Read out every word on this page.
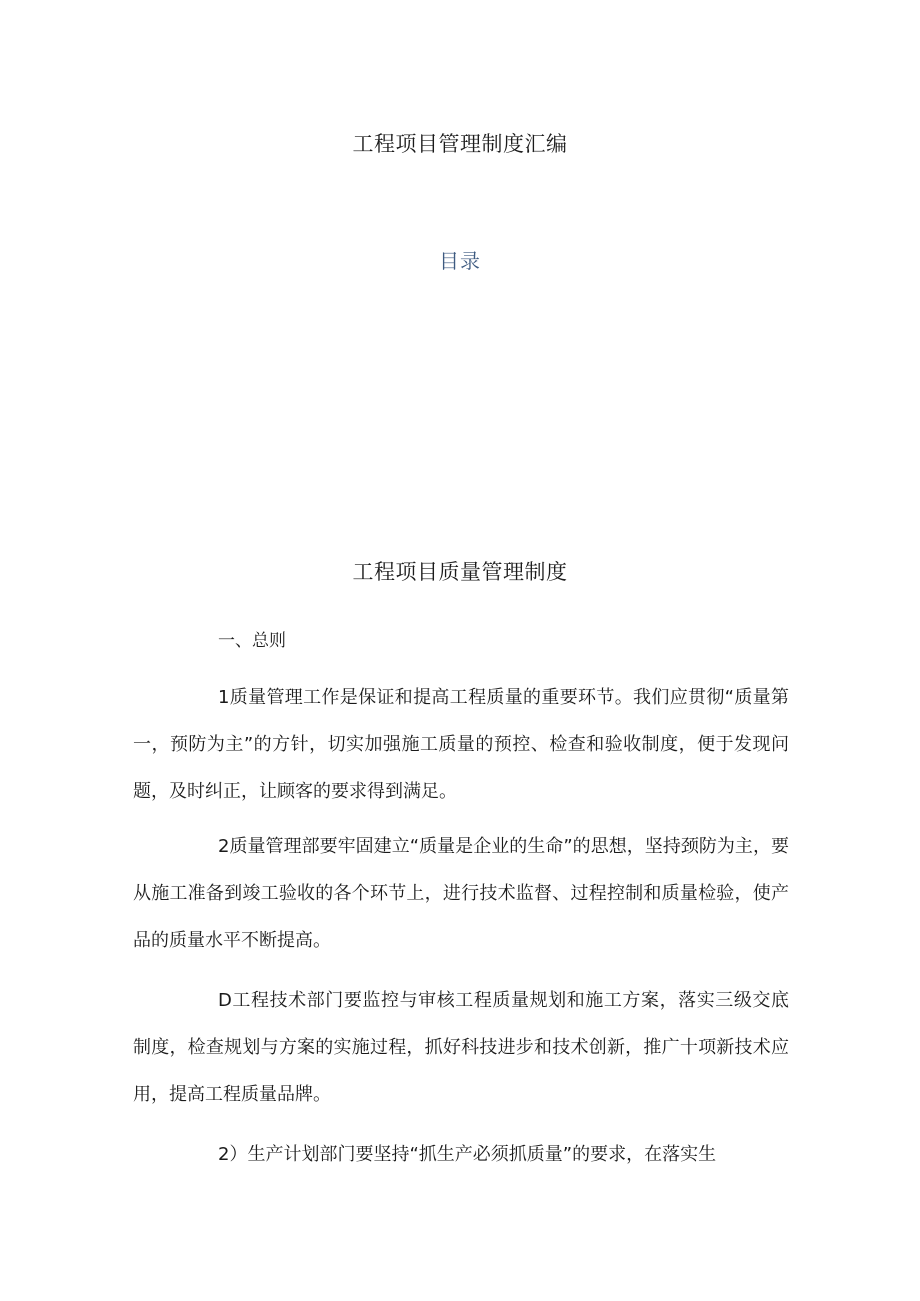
工程项目管理制度汇编
目录
工程项目质量管理制度
一、总则

1质量管理工作是保证和提高工程质量的重要环节。我们应贯彻“质量第一，预防为主”的方针，切实加强施工质量的预控、检查和验收制度，便于发现问题，及时纠正，让顾客的要求得到满足。

2质量管理部要牢固建立“质量是企业的生命”的思想，坚持颈防为主，要从施工准备到竣工验收的各个环节上，进行技术监督、过程控制和质量检验，使产品的质量水平不断提高。

D工程技术部门要监控与审核工程质量规划和施工方案，落实三级交底制度，检查规划与方案的实施过程，抓好科技进步和技术创新，推广十项新技术应用，提高工程质量品牌。

2）生产计划部门要坚持“抓生产必须抓质量”的要求，在落实生
